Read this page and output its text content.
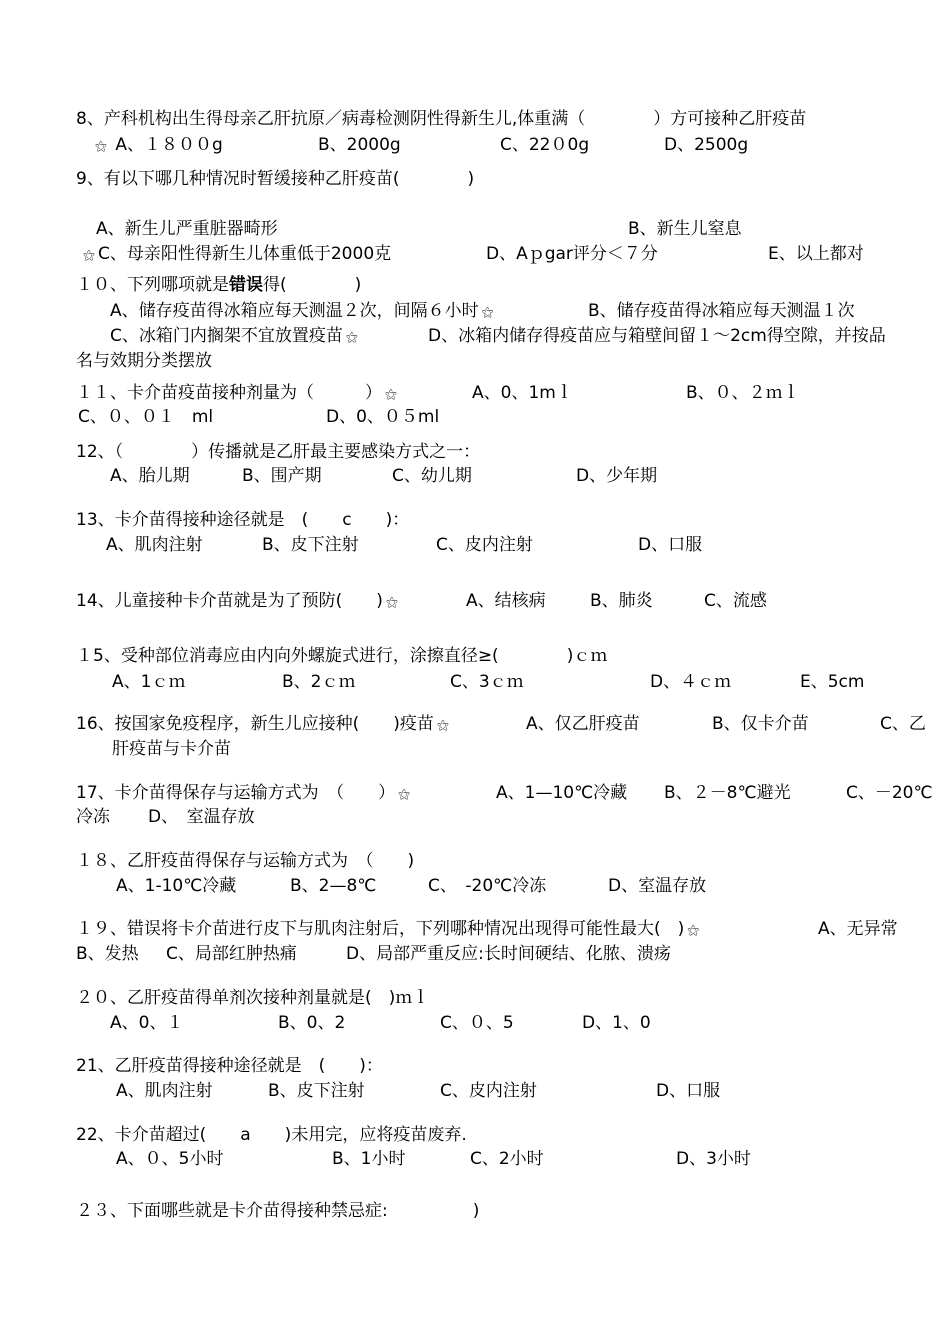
8、产科机构出生得母亲乙肝抗原／病毒检测阴性得新生儿,体重满（　　　　）方可接种乙肝疫苗
⚝ A、１８００g	B、2000g	C、22０0g	D、2500g
9、有以下哪几种情况时暂缓接种乙肝疫苗(　　　　)
A、新生儿严重脏器畸形	B、新生儿窒息
⚝ C、母亲阳性得新生儿体重低于2000克	D、Aｐgar评分＜７分	E、以上都对
１０、下列哪项就是错误得(　　　　)
A、储存疫苗得冰箱应每天测温２次，间隔６小时 ⚝	B、储存疫苗得冰箱应每天测温１次
C、冰箱门内搁架不宜放置疫苗 ⚝	D、冰箱内储存得疫苗应与箱壁间留１～2cm得空隙，并按品
名与效期分类摆放
１１、卡介苗疫苗接种剂量为（　　　） ⚝	A、0、1mｌ	B、０、２ｍｌ
C、０、０１　ml	D、0、０５ml
12、（　　　　）传播就是乙肝最主要感染方式之一：
A、胎儿期	B、围产期	C、幼儿期	D、少年期
13、卡介苗得接种途径就是　(　　c　　)：
A、肌肉注射	B、皮下注射	C、皮内注射	D、口服
14、儿童接种卡介苗就是为了预防(　　) ⚝	A、结核病	B、肺炎	C、流感
１5、受种部位消毒应由内向外螺旋式进行，涂擦直径≥(　　　　)ｃｍ
A、1ｃｍ	B、2ｃｍ	C、3ｃｍ	D、４ｃｍ	E、5cm
16、按国家免疫程序，新生儿应接种(　　)疫苗 ⚝	A、仅乙肝疫苗	B、仅卡介苗	C、乙
肝疫苗与卡介苗
17、卡介苗得保存与运输方式为　（　　） ⚝	A、1—10℃冷藏 B、２－8℃避光	C、－20℃
冷冻 D、　室温存放
１８、乙肝疫苗得保存与运输方式为　（　　)
A、1-10℃冷藏	B、2—8℃	C、　-20℃冷冻	D、室温存放
１９、错误将卡介苗进行皮下与肌肉注射后，下列哪种情况出现得可能性最大(　) ⚝	A、无异常
B、发热 C、局部红肿热痛	D、局部严重反应:长时间硬结、化脓、溃疡
２０、乙肝疫苗得单剂次接种剂量就是(　)ｍｌ
A、0、１	B、0、2	C、０、5	D、1、0
21、乙肝疫苗得接种途径就是　(　　)：
A、肌肉注射	B、皮下注射	C、皮内注射	D、口服
22、卡介苗超过(　　a　　)未用完，应将疫苗废弃.
A、０、5小时	B、1小时	C、2小时	D、3小时
２３、下面哪些就是卡介苗得接种禁忌症:　　　　　)
